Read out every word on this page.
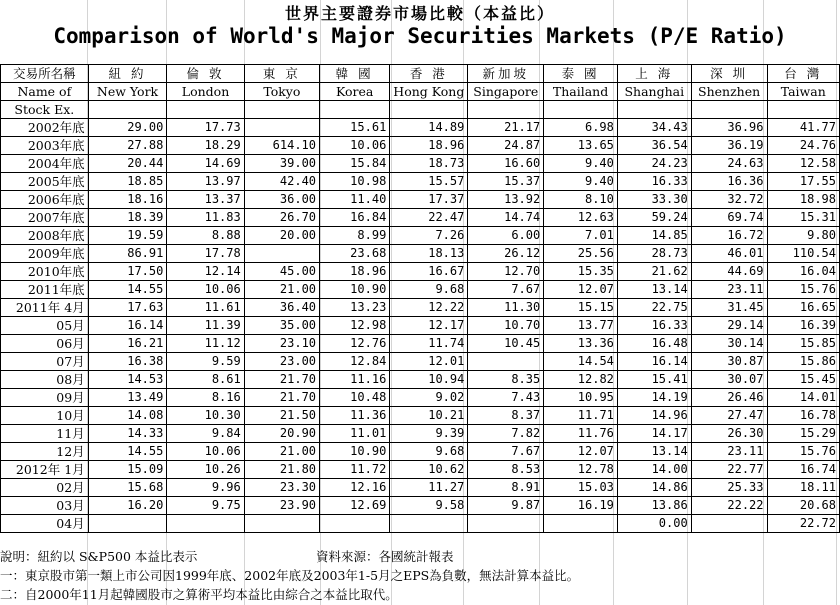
世界主要證券市場比較（本益比）
Comparison of World's Major Securities Markets (P/E Ratio)
交易所名稱	紐 約	倫 敦	東 京	韓 國	香 港	新加坡	泰 國	上 海	深 圳	台 灣
Name of	New York	London	Tokyo	Korea	Hong Kong	Singapore	Thailand	Shanghai	Shenzhen	Taiwan
Stock Ex.										
2002年底	29.00	17.73		15.61	14.89	21.17	6.98	34.43	36.96	41.77
2003年底	27.88	18.29	614.10	10.06	18.96	24.87	13.65	36.54	36.19	24.76
2004年底	20.44	14.69	39.00	15.84	18.73	16.60	9.40	24.23	24.63	12.58
2005年底	18.85	13.97	42.40	10.98	15.57	15.37	9.40	16.33	16.36	17.55
2006年底	18.16	13.37	36.00	11.40	17.37	13.92	8.10	33.30	32.72	18.98
2007年底	18.39	11.83	26.70	16.84	22.47	14.74	12.63	59.24	69.74	15.31
2008年底	19.59	8.88	20.00	8.99	7.26	6.00	7.01	14.85	16.72	9.80
2009年底	86.91	17.78		23.68	18.13	26.12	25.56	28.73	46.01	110.54
2010年底	17.50	12.14	45.00	18.96	16.67	12.70	15.35	21.62	44.69	16.04
2011年底	14.55	10.06	21.00	10.90	9.68	7.67	12.07	13.14	23.11	15.76
2011年 4月	17.63	11.61	36.40	13.23	12.22	11.30	15.15	22.75	31.45	16.65
05月	16.14	11.39	35.00	12.98	12.17	10.70	13.77	16.33	29.14	16.39
06月	16.21	11.12	23.10	12.76	11.74	10.45	13.36	16.48	30.14	15.85
07月	16.38	9.59	23.00	12.84	12.01		14.54	16.14	30.87	15.86
08月	14.53	8.61	21.70	11.16	10.94	8.35	12.82	15.41	30.07	15.45
09月	13.49	8.16	21.70	10.48	9.02	7.43	10.95	14.19	26.46	14.01
10月	14.08	10.30	21.50	11.36	10.21	8.37	11.71	14.96	27.47	16.78
11月	14.33	9.84	20.90	11.01	9.39	7.82	11.76	14.17	26.30	15.29
12月	14.55	10.06	21.00	10.90	9.68	7.67	12.07	13.14	23.11	15.76
2012年 1月	15.09	10.26	21.80	11.72	10.62	8.53	12.78	14.00	22.77	16.74
02月	15.68	9.96	23.30	12.16	11.27	8.91	15.03	14.86	25.33	18.11
03月	16.20	9.75	23.90	12.69	9.58	9.87	16.19	13.86	22.22	20.68
04月								0.00		22.72
說明：紐約以 S&P500 本益比表示	資料來源：各國統計報表
一：東京股市第一類上市公司因1999年底、2002年底及2003年1-5月之EPS為負數，無法計算本益比。
二：自2000年11月起韓國股市之算術平均本益比由綜合之本益比取代。
